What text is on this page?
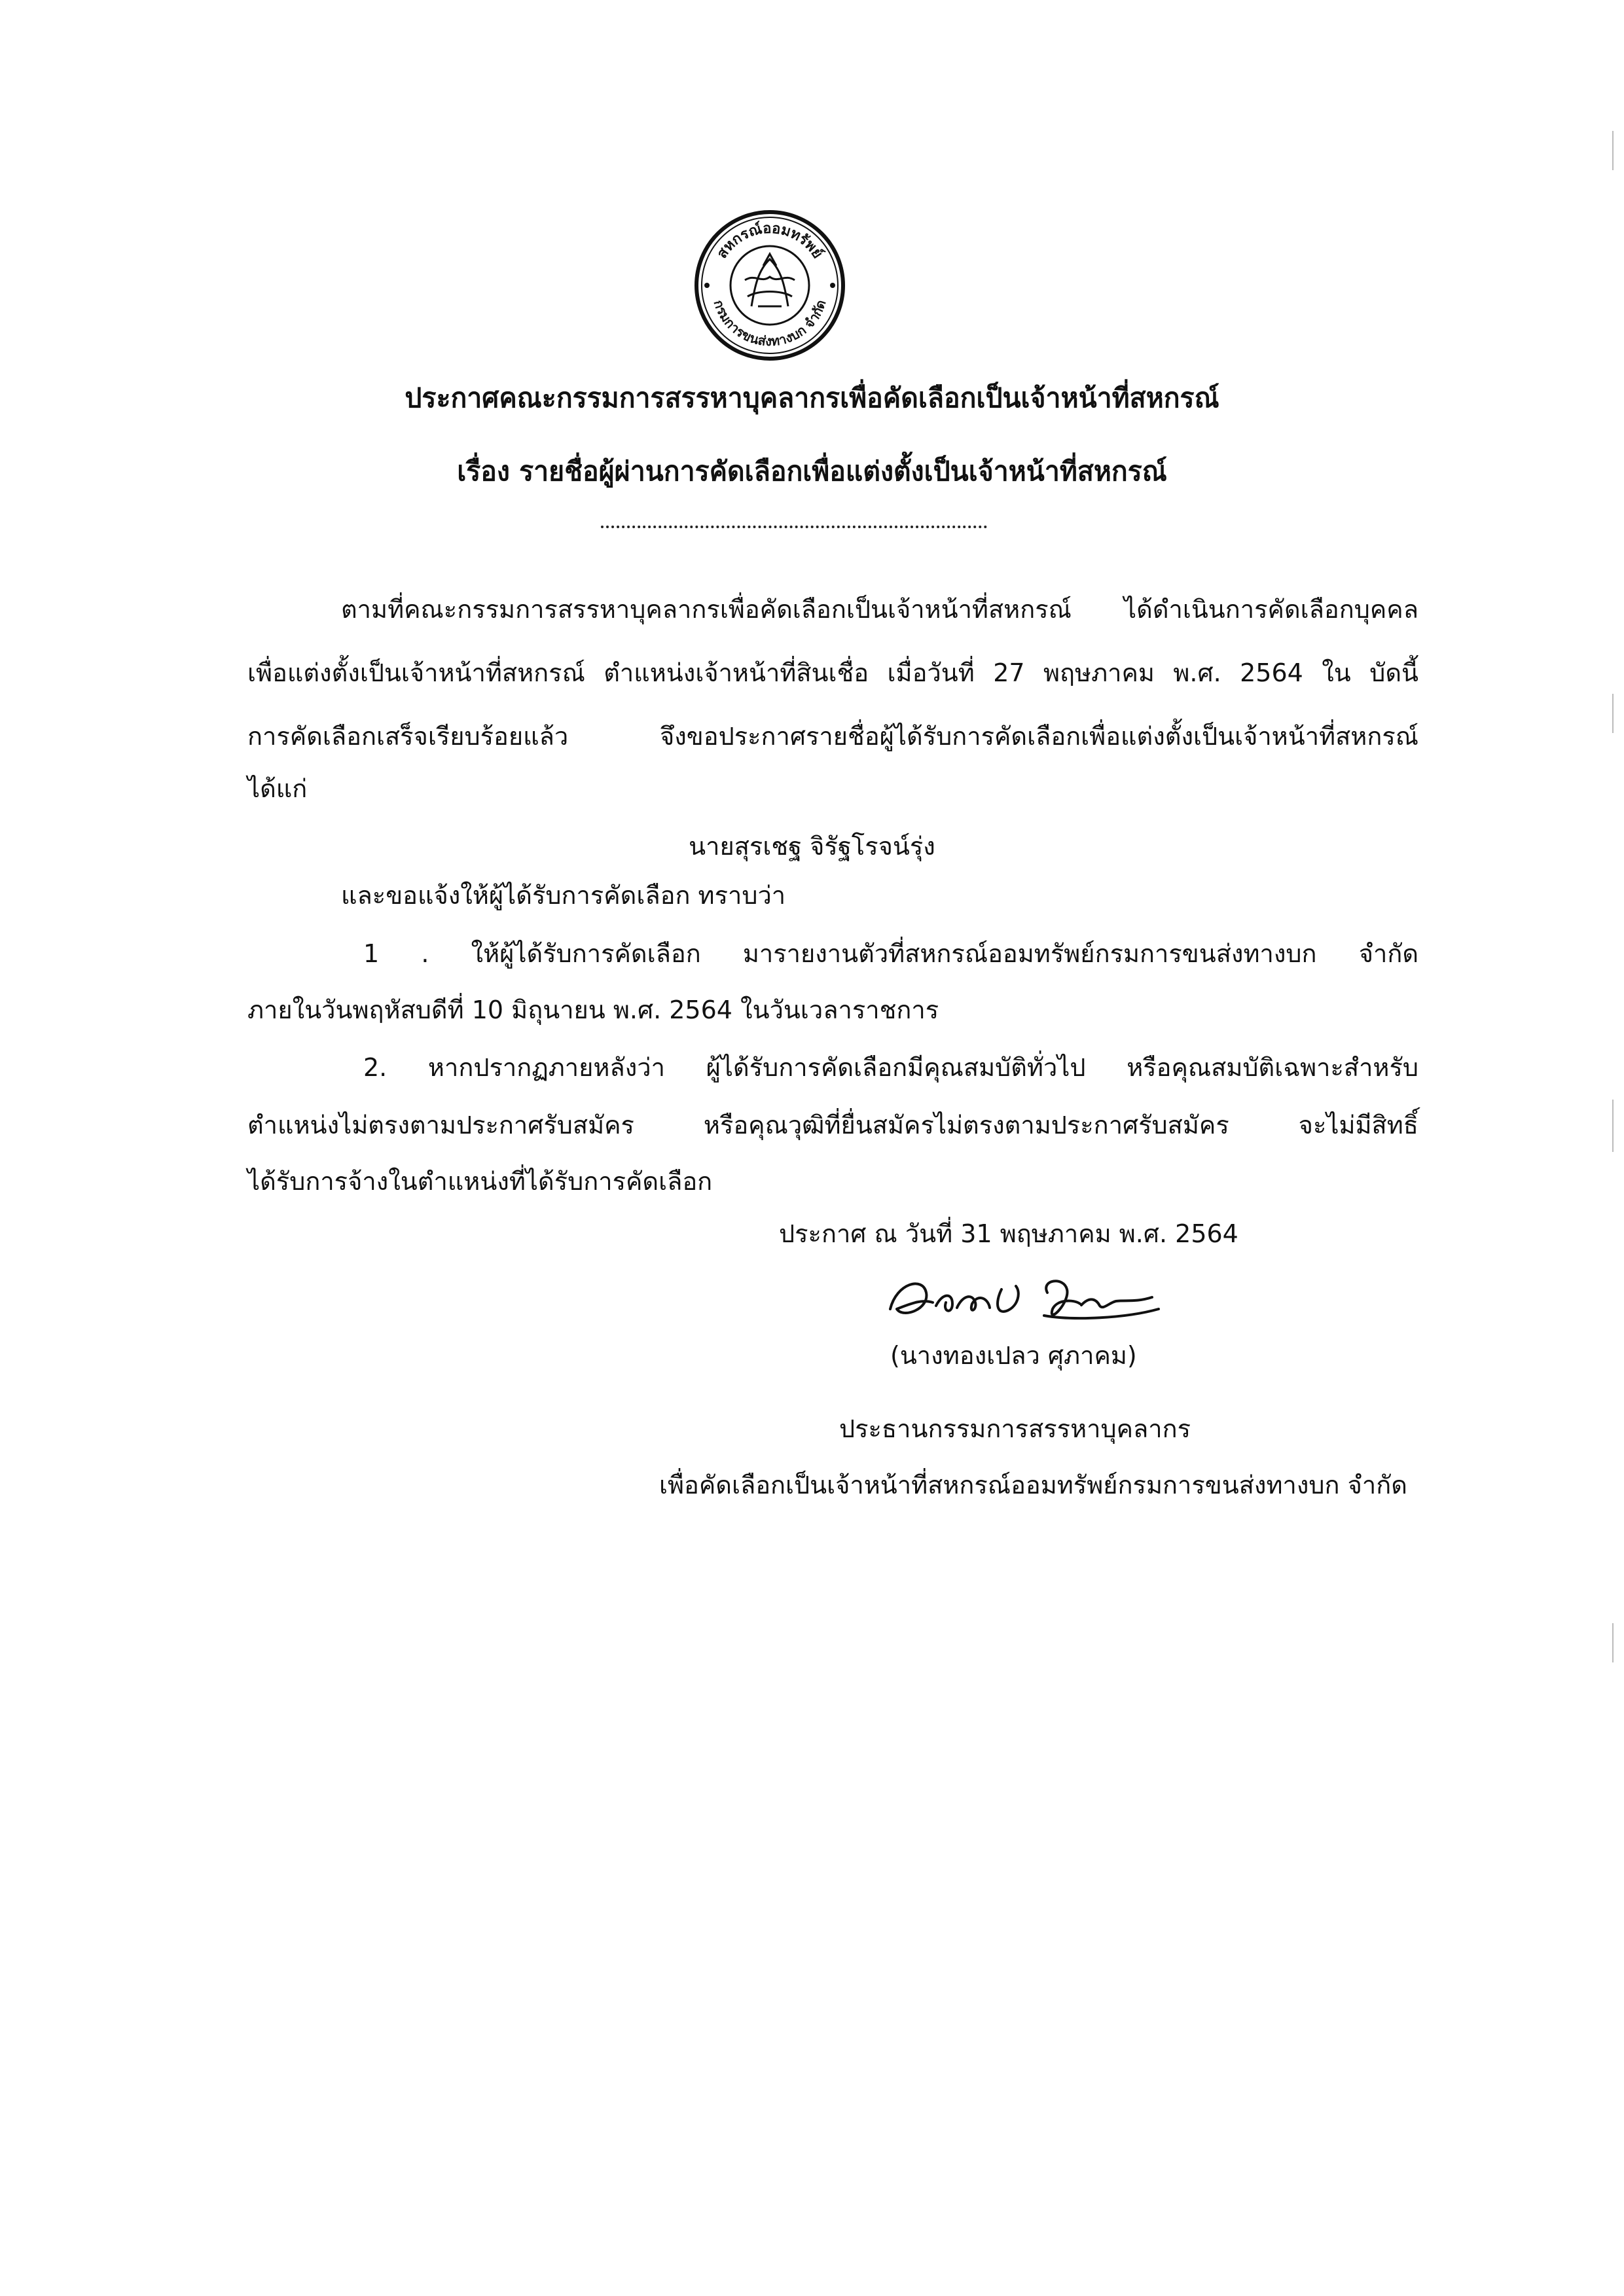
สหกรณ์ออมทรัพย์
กรมการขนส่งทางบก จำกัด
ประกาศคณะกรรมการสรรหาบุคลากรเพื่อคัดเลือกเป็นเจ้าหน้าที่สหกรณ์
เรื่อง รายชื่อผู้ผ่านการคัดเลือกเพื่อแต่งตั้งเป็นเจ้าหน้าที่สหกรณ์
ตามที่คณะกรรมการสรรหาบุคลากรเพื่อคัดเลือกเป็นเจ้าหน้าที่สหกรณ์ ได้ดำเนินการคัดเลือกบุคคล
เพื่อแต่งตั้งเป็นเจ้าหน้าที่สหกรณ์ ตำแหน่งเจ้าหน้าที่สินเชื่อ เมื่อวันที่ 27 พฤษภาคม พ.ศ. 2564 ใน บัดนี้
การคัดเลือกเสร็จเรียบร้อยแล้ว จึงขอประกาศรายชื่อผู้ได้รับการคัดเลือกเพื่อแต่งตั้งเป็นเจ้าหน้าที่สหกรณ์
ได้แก่
นายสุรเชฐ จิรัฐโรจน์รุ่ง
และขอแจ้งให้ผู้ได้รับการคัดเลือก ทราบว่า
1 . ให้ผู้ได้รับการคัดเลือก มารายงานตัวที่สหกรณ์ออมทรัพย์กรมการขนส่งทางบก จำกัด
ภายในวันพฤหัสบดีที่ 10 มิถุนายน พ.ศ. 2564 ในวันเวลาราชการ
2. หากปรากฏภายหลังว่า ผู้ได้รับการคัดเลือกมีคุณสมบัติทั่วไป หรือคุณสมบัติเฉพาะสำหรับ
ตำแหน่งไม่ตรงตามประกาศรับสมัคร หรือคุณวุฒิที่ยื่นสมัครไม่ตรงตามประกาศรับสมัคร จะไม่มีสิทธิ์
ได้รับการจ้างในตำแหน่งที่ได้รับการคัดเลือก
ประกาศ ณ วันที่ 31 พฤษภาคม พ.ศ. 2564
(นางทองเปลว ศุภาคม)
ประธานกรรมการสรรหาบุคลากร
เพื่อคัดเลือกเป็นเจ้าหน้าที่สหกรณ์ออมทรัพย์กรมการขนส่งทางบก จำกัด
